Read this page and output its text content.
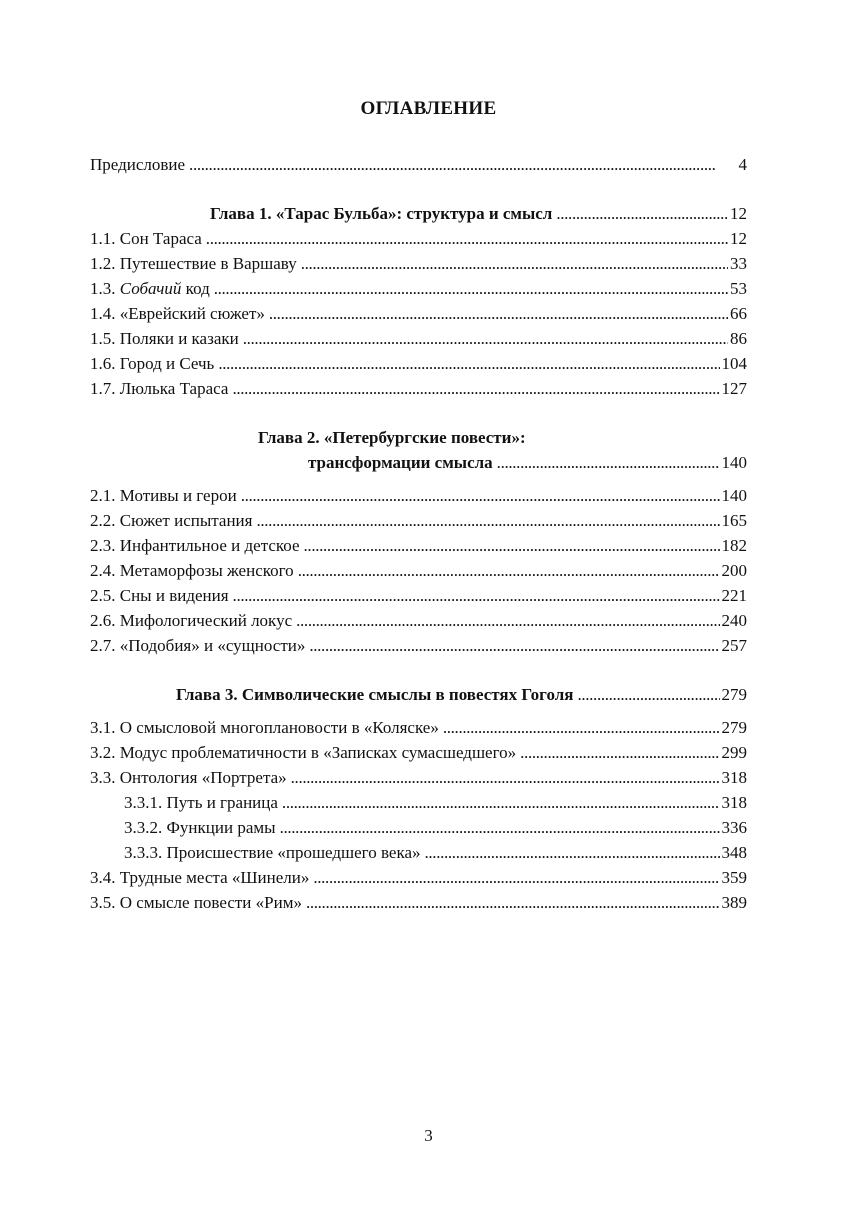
ОГЛАВЛЕНИЕ
Предисловие . . .	4
Глава 1. «Тарас Бульба»: структура и смысл . . .	12
1.1. Сон Тараса . . .	12
1.2. Путешествие в Варшаву . . .	33
1.3. Собачий код . . .	53
1.4. «Еврейский сюжет» . . .	66
1.5. Поляки и казаки . . .	86
1.6. Город и Сечь . . .	104
1.7. Люлька Тараса . . .	127
Глава 2. «Петербургские повести»:
трансформации смысла . . .	140
2.1. Мотивы и герои . . .	140
2.2. Сюжет испытания . . .	165
2.3. Инфантильное и детское . . .	182
2.4. Метаморфозы женского . . .	200
2.5. Сны и видения . . .	221
2.6. Мифологический локус . . .	240
2.7. «Подобия» и «сущности» . . .	257
Глава 3. Символические смыслы в повестях Гоголя . . .	279
3.1. О смысловой многоплановости в «Коляске» . . .	279
3.2. Модус проблематичности в «Записках сумасшедшего» . . .	299
3.3. Онтология «Портрета» . . .	318
3.3.1. Путь и граница . . .	318
3.3.2. Функции рамы . . .	336
3.3.3. Происшествие «прошедшего века» . . .	348
3.4. Трудные места «Шинели» . . .	359
3.5. О смысле повести «Рим» . . .	389
3
